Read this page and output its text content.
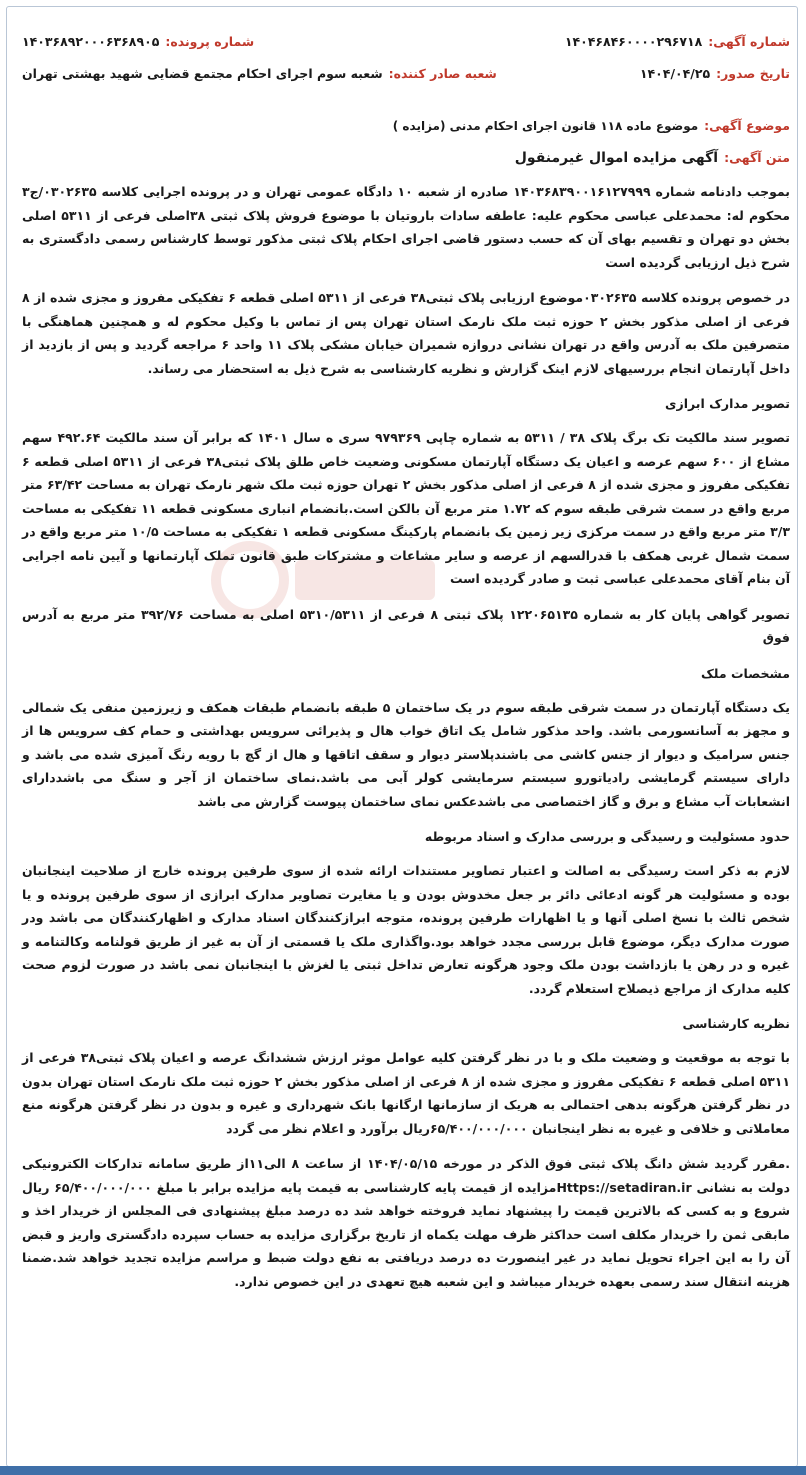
شماره آگهی:۱۴۰۴۶۸۴۶۰۰۰۰۲۹۶۷۱۸
شماره پرونده:۱۴۰۳۶۸۹۲۰۰۰۶۳۶۸۹۰۵
تاریخ صدور:۱۴۰۴/۰۴/۲۵
شعبه صادر کننده:شعبه سوم اجرای احکام مجتمع قضایی شهید بهشتی تهران
موضوع آگهی:موضوع ماده ۱۱۸ قانون اجرای احکام مدنی (مزایده )
متن آگهی:آگهی مزایده اموال غیرمنقول

بموجب دادنامه شماره ۱۴۰۳۶۸۳۹۰۰۱۶۱۲۷۹۹۹ صادره از شعبه ۱۰ دادگاه عمومی تهران و در پرونده اجرایی کلاسه ۰۳۰۲۶۳۵/ج۳ محکوم له: محمدعلی عباسی محکوم علیه: عاطفه سادات باروتیان با موضوع فروش پلاک ثبتی ۳۸اصلی فرعی از ۵۳۱۱ اصلی بخش دو تهران و تقسیم بهای آن که حسب دستور قاضی اجرای احکام پلاک ثبتی مذکور توسط کارشناس رسمی دادگستری به شرح ذیل ارزیابی گردیده است

در خصوص پرونده کلاسه ۰۳۰۲۶۳۵موضوع ارزیابی پلاک ثبتی۳۸ فرعی از ۵۳۱۱ اصلی قطعه ۶ تفکیکی مفروز و مجزی شده از ۸ فرعی از اصلی مذکور بخش ۲ حوزه ثبت ملک نارمک استان تهران پس از تماس با وکیل محکوم له و همچنین هماهنگی با متصرفین ملک به آدرس واقع در تهران نشانی دروازه شمیران خیابان مشکی پلاک ۱۱ واحد ۶ مراجعه گردید و پس از بازدید از داخل آپارتمان انجام بررسیهای لازم اینک گزارش و نظریه کارشناسی به شرح ذیل به استحضار می رساند.

تصویر مدارک ابرازی

تصویر سند مالکیت تک برگ پلاک ۳۸ / ۵۳۱۱ به شماره چاپی ۹۷۹۳۶۹ سری ه سال ۱۴۰۱ که برابر آن سند مالکیت ۴۹۲.۶۴ سهم مشاع از ۶۰۰ سهم عرصه و اعیان یک دستگاه آپارتمان مسکونی وضعیت خاص طلق پلاک ثبتی۳۸ فرعی از ۵۳۱۱ اصلی قطعه ۶ تفکیکی مفروز و مجزی شده از ۸ فرعی از اصلی مذکور بخش ۲ تهران حوزه ثبت ملک شهر نارمک تهران به مساحت ۶۳/۴۲ متر مربع واقع در سمت شرقی طبقه سوم که ۱.۷۲ متر مربع آن بالکن است.بانضمام انباری مسکونی قطعه ۱۱ تفکیکی به مساحت ۳/۳ متر مربع واقع در سمت مرکزی زیر زمین یک بانضمام پارکینگ مسکونی قطعه ۱ تفکیکی به مساحت ۱۰/۵ متر مربع واقع در سمت شمال غربی همکف با قدرالسهم از عرصه و سایر مشاعات و مشترکات طبق قانون تملک آپارتمانها و آیین نامه اجرایی آن بنام آقای محمدعلی عباسی ثبت و صادر گردیده است

تصویر گواهی پایان کار به شماره ۱۲۲۰۶۵۱۳۵ پلاک ثبتی ۸ فرعی از ۵۳۱۰/۵۳۱۱ اصلی به مساحت ۳۹۲/۷۶ متر مربع به آدرس فوق

مشخصات ملک

یک دستگاه آپارتمان در سمت شرقی طبقه سوم در یک ساختمان ۵ طبقه بانضمام طبقات همکف و زیرزمین منفی یک شمالی و مجهز به آسانسورمی باشد. واحد مذکور شامل یک اتاق خواب هال و پذیرائی سرویس بهداشتی و حمام کف سرویس ها از جنس سرامیک و دیوار از جنس کاشی می باشندپلاستر دیوار و سقف اتاقها و هال از گچ با رویه رنگ آمیزی شده می باشد و دارای سیستم گرمایشی رادیاتورو سیستم سرمایشی کولر آبی می باشد.نمای ساختمان از آجر و سنگ می باشددارای انشعابات آب مشاع و برق و گاز اختصاصی می باشدعکس نمای ساختمان پیوست گزارش می باشد

حدود مسئولیت و رسیدگی و بررسی مدارک و اسناد مربوطه

لازم به ذکر است رسیدگی به اصالت و اعتبار تصاویر مستندات ارائه شده از سوی طرفین پرونده خارج از صلاحیت اینجانبان بوده و مسئولیت هر گونه ادعائی دائر بر جعل مخدوش بودن و یا مغایرت تصاویر مدارک ابرازی از سوی طرفین پرونده و یا شخص ثالث با نسخ اصلی آنها و یا اظهارات طرفین پرونده، متوجه ابرازکنندگان اسناد مدارک و اظهارکنندگان می باشد ودر صورت مدارک دیگر، موضوع قابل بررسی مجدد خواهد بود.واگذاری ملک یا قسمتی از آن به غیر از طریق قولنامه وکالتنامه و غیره و در رهن یا بازداشت بودن ملک وجود هرگونه تعارض تداخل ثبتی یا لغزش با اینجانبان نمی باشد در صورت لزوم صحت کلیه مدارک از مراجع ذیصلاح استعلام گردد.

نظریه کارشناسی

با توجه به موقعیت و وضعیت ملک و با در نظر گرفتن کلیه عوامل موثر ارزش ششدانگ عرصه و اعیان پلاک ثبتی۳۸ فرعی از ۵۳۱۱ اصلی قطعه ۶ تفکیکی مفروز و مجزی شده از ۸ فرعی از اصلی مذکور بخش ۲ حوزه ثبت ملک نارمک استان تهران بدون در نظر گرفتن هرگونه بدهی احتمالی به هریک از سازمانها ارگانها بانک شهرداری و غیره و بدون در نظر گرفتن هرگونه منع معاملاتی و خلافی و غیره به نظر اینجانبان ۶۵/۴۰۰/۰۰۰/۰۰۰ریال برآورد و اعلام نظر می گردد

.مقرر گردید شش دانگ پلاک ثبتی فوق الذکر در مورخه ۱۴۰۴/۰۵/۱۵ از ساعت ۸ الی۱۱از طریق سامانه تدارکات الکترونیکی دولت به نشانی Https://setadiran.irمزایده از قیمت پایه کارشناسی به قیمت پایه مزایده برابر با مبلغ ۶۵/۴۰۰/۰۰۰/۰۰۰ ریال شروع و به کسی که بالاترین قیمت را پیشنهاد نماید فروخته خواهد شد ده درصد مبلغ پیشنهادی فی المجلس از خریدار اخذ و مابقی ثمن را خریدار مکلف است حداکثر ظرف مهلت یکماه از تاریخ برگزاری مزایده به حساب سپرده دادگستری واریز و قبض آن را به این اجراء تحویل نماید در غیر اینصورت ده درصد دریافتی به نفع دولت ضبط و مراسم مزایده تجدید خواهد شد.ضمنا هزینه انتقال سند رسمی بعهده خریدار میباشد و این شعبه هیچ تعهدی در این خصوص ندارد.
